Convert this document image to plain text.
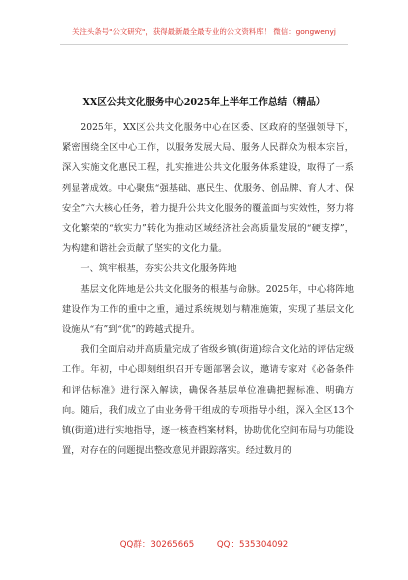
关注头条号"公文研究"，获得最新最全最专业的公文资料库！ 微信：gongwenyj
XX区公共文化服务中心2025年上半年工作总结（精品）

2025年，XX区公共文化服务中心在区委、区政府的坚强领导下，紧密围绕全区中心工作，以服务发展大局、服务人民群众为根本宗旨，深入实施文化惠民工程，扎实推进公共文化服务体系建设，取得了一系列显著成效。中心聚焦“强基础、惠民生、优服务、创品牌、育人才、保安全”六大核心任务，着力提升公共文化服务的覆盖面与实效性，努力将文化繁荣的“软实力”转化为推动区域经济社会高质量发展的“硬支撑”，为构建和谐社会贡献了坚实的文化力量。

一、筑牢根基，夯实公共文化服务阵地

基层文化阵地是公共文化服务的根基与命脉。2025年，中心将阵地建设作为工作的重中之重，通过系统规划与精准施策，实现了基层文化设施从“有”到“优”的跨越式提升。

我们全面启动并高质量完成了省级乡镇(街道)综合文化站的评估定级工作。年初，中心即刻组织召开专题部署会议，邀请专家对《必备条件和评估标准》进行深入解读，确保各基层单位准确把握标准、明确方向。随后，我们成立了由业务骨干组成的专项指导小组，深入全区13个镇(街道)进行实地指导，逐一核查档案材料，协助优化空间布局与功能设置，对存在的问题提出整改意见并跟踪落实。经过数月的

QQ群：30265665	QQ：535304092
